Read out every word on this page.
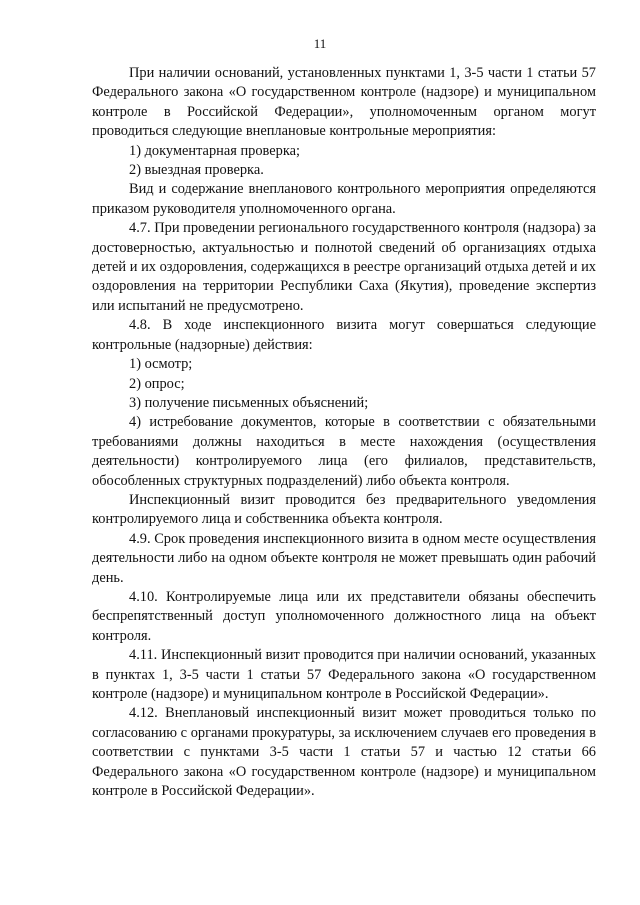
11

При наличии оснований, установленных пунктами 1, 3-5 части 1 статьи 57 Федерального закона «О государственном контроле (надзоре) и муниципальном контроле в Российской Федерации», уполномоченным органом могут проводиться следующие внеплановые контрольные мероприятия:

1) документарная проверка;

2) выездная проверка.

Вид и содержание внепланового контрольного мероприятия определяются приказом руководителя уполномоченного органа.

4.7. При проведении регионального государственного контроля (надзора) за достоверностью, актуальностью и полнотой сведений об организациях отдыха детей и их оздоровления, содержащихся в реестре организаций отдыха детей и их оздоровления на территории Республики Саха (Якутия), проведение экспертиз или испытаний не предусмотрено.

4.8. В ходе инспекционного визита могут совершаться следующие контрольные (надзорные) действия:

1) осмотр;

2) опрос;

3) получение письменных объяснений;

4) истребование документов, которые в соответствии с обязательными требованиями должны находиться в месте нахождения (осуществления деятельности) контролируемого лица (его филиалов, представительств, обособленных структурных подразделений) либо объекта контроля.

Инспекционный визит проводится без предварительного уведомления контролируемого лица и собственника объекта контроля.

4.9. Срок проведения инспекционного визита в одном месте осуществления деятельности либо на одном объекте контроля не может превышать один рабочий день.

4.10. Контролируемые лица или их представители обязаны обеспечить беспрепятственный доступ уполномоченного должностного лица на объект контроля.

4.11. Инспекционный визит проводится при наличии оснований, указанных в пунктах 1, 3-5 части 1 статьи 57 Федерального закона «О государственном контроле (надзоре) и муниципальном контроле в Российской Федерации».

4.12. Внеплановый инспекционный визит может проводиться только по согласованию с органами прокуратуры, за исключением случаев его проведения в соответствии с пунктами 3-5 части 1 статьи 57 и частью 12 статьи 66 Федерального закона «О государственном контроле (надзоре) и муниципальном контроле в Российской Федерации».
